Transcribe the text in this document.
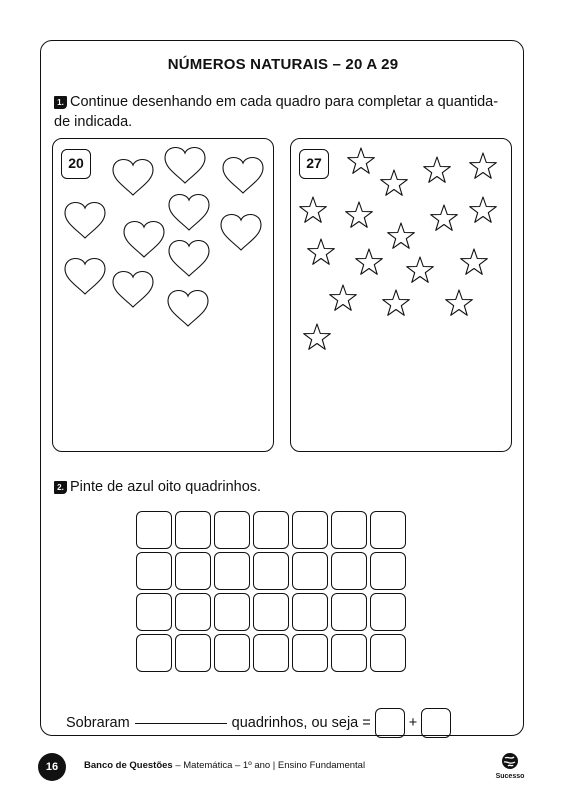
NÚMEROS NATURAIS – 20 A 29
1. Continue desenhando em cada quadro para completar a quantida-de indicada.
20	27
2. Pinte de azul oito quadrinhos.
Sobraram	quadrinhos, ou seja =	+
16	Banco de Questões – Matemática – 1º ano | Ensino Fundamental
Sucesso
